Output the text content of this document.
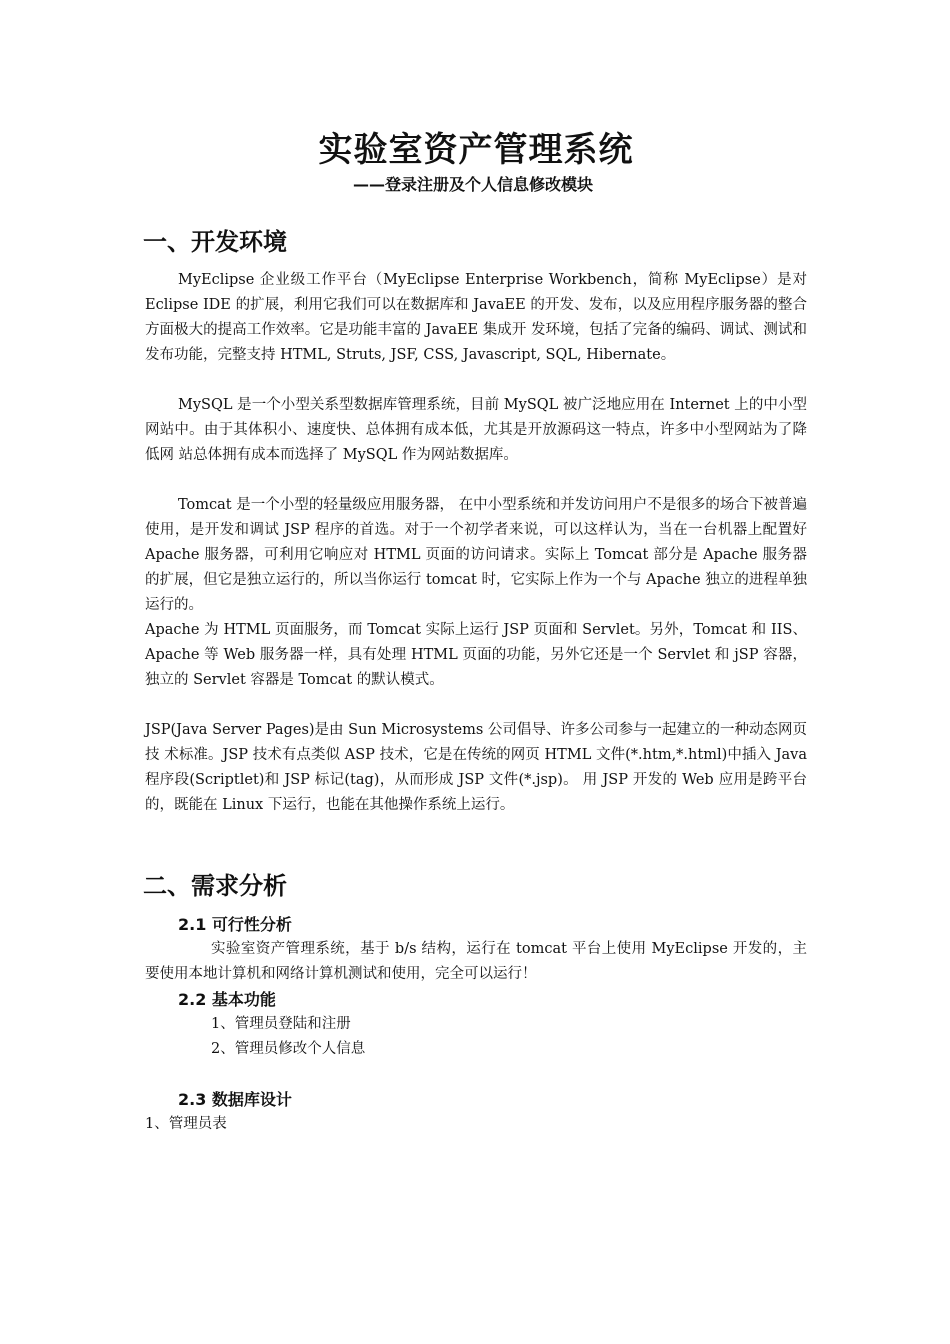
实验室资产管理系统
——登录注册及个人信息修改模块
一、开发环境

MyEclipse 企业级工作平台（MyEclipse Enterprise Workbench，简称 MyEclipse）是对 Eclipse IDE 的扩展，利用它我们可以在数据库和 JavaEE 的开发、发布，以及应用程序服务器的整合方面极大的提高工作效率。它是功能丰富的 JavaEE 集成开 发环境，包括了完备的编码、调试、测试和发布功能，完整支持 HTML, Struts, JSF, CSS, Javascript, SQL, Hibernate。

MySQL 是一个小型关系型数据库管理系统，目前 MySQL 被广泛地应用在 Internet 上的中小型网站中。由于其体积小、速度快、总体拥有成本低，尤其是开放源码这一特点，许多中小型网站为了降低网 站总体拥有成本而选择了 MySQL 作为网站数据库。

Tomcat 是一个小型的轻量级应用服务器， 在中小型系统和并发访问用户不是很多的场合下被普遍使用，是开发和调试 JSP 程序的首选。对于一个初学者来说，可以这样认为，当在一台机器上配置好 Apache 服务器，可利用它响应对 HTML 页面的访问请求。实际上 Tomcat 部分是 Apache 服务器的扩展，但它是独立运行的，所以当你运行 tomcat 时，它实际上作为一个与 Apache 独立的进程单独运行的。

Apache 为 HTML 页面服务，而 Tomcat 实际上运行 JSP 页面和 Servlet。另外，Tomcat 和 IIS、Apache 等 Web 服务器一样，具有处理 HTML 页面的功能，另外它还是一个 Servlet 和 jSP 容器，独立的 Servlet 容器是 Tomcat 的默认模式。

JSP(Java Server Pages)是由 Sun Microsystems 公司倡导、许多公司参与一起建立的一种动态网页技 术标准。JSP 技术有点类似 ASP 技术，它是在传统的网页 HTML 文件(*.htm,*.html)中插入 Java 程序段(Scriptlet)和 JSP 标记(tag)，从而形成 JSP 文件(*.jsp)。 用 JSP 开发的 Web 应用是跨平台的，既能在 Linux 下运行，也能在其他操作系统上运行。

二、需求分析
2.1 可行性分析

实验室资产管理系统，基于 b/s 结构，运行在 tomcat 平台上使用 MyEclipse 开发的，主要使用本地计算机和网络计算机测试和使用，完全可以运行！

2.2 基本功能

1、管理员登陆和注册

2、管理员修改个人信息

2.3 数据库设计

1、管理员表
